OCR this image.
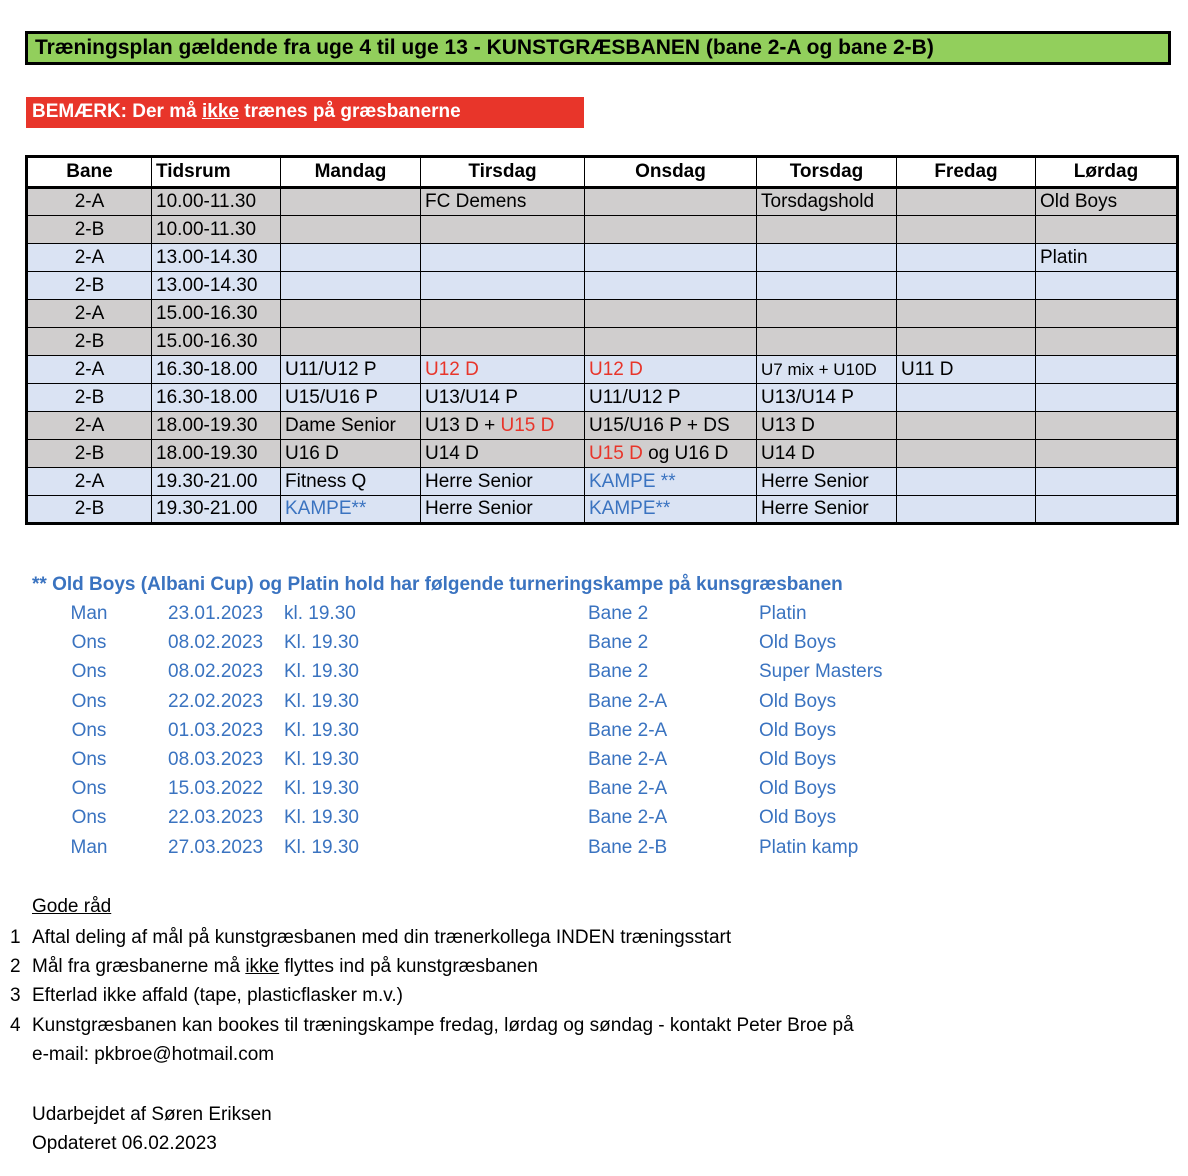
Træningsplan gældende fra uge 4 til uge 13 - KUNSTGRÆSBANEN (bane 2-A og bane 2-B)
BEMÆRK: Der må ikke trænes på græsbanerne
Bane	Tidsrum	Mandag	Tirsdag	Onsdag	Torsdag	Fredag	Lørdag
2-A	10.00-11.30		FC Demens		Torsdagshold		Old Boys
2-B	10.00-11.30						
2-A	13.00-14.30						Platin
2-B	13.00-14.30						
2-A	15.00-16.30						
2-B	15.00-16.30						
2-A	16.30-18.00	U11/U12 P	U12 D	U12 D	U7 mix + U10D	U11 D	
2-B	16.30-18.00	U15/U16 P	U13/U14 P	U11/U12 P	U13/U14 P		
2-A	18.00-19.30	Dame Senior	U13 D + U15 D	U15/U16 P + DS	U13 D		
2-B	18.00-19.30	U16 D	U14 D	U15 D og U16 D	U14 D		
2-A	19.30-21.00	Fitness Q	Herre Senior	KAMPE **	Herre Senior		
2-B	19.30-21.00	KAMPE**	Herre Senior	KAMPE**	Herre Senior		
** Old Boys (Albani Cup) og Platin hold har følgende turneringskampe på kunsgræsbanen
Man	23.01.2023 kl. 19.30	Bane 2	Platin
Ons	08.02.2023 Kl. 19.30	Bane 2	Old Boys
Ons	08.02.2023 Kl. 19.30	Bane 2	Super Masters
Ons	22.02.2023 Kl. 19.30	Bane 2-A	Old Boys
Ons	01.03.2023 Kl. 19.30	Bane 2-A	Old Boys
Ons	08.03.2023 Kl. 19.30	Bane 2-A	Old Boys
Ons	15.03.2022 Kl. 19.30	Bane 2-A	Old Boys
Ons	22.03.2023 Kl. 19.30	Bane 2-A	Old Boys
Man	27.03.2023 Kl. 19.30	Bane 2-B	Platin kamp
Gode råd
1 Aftal deling af mål på kunstgræsbanen med din trænerkollega INDEN træningsstart
2 Mål fra græsbanerne må ikke flyttes ind på kunstgræsbanen
3 Efterlad ikke affald (tape, plasticflasker m.v.)
4 Kunstgræsbanen kan bookes til træningskampe fredag, lørdag og søndag - kontakt Peter Broe på
e-mail: pkbroe@hotmail.com
Udarbejdet af Søren Eriksen
Opdateret 06.02.2023
